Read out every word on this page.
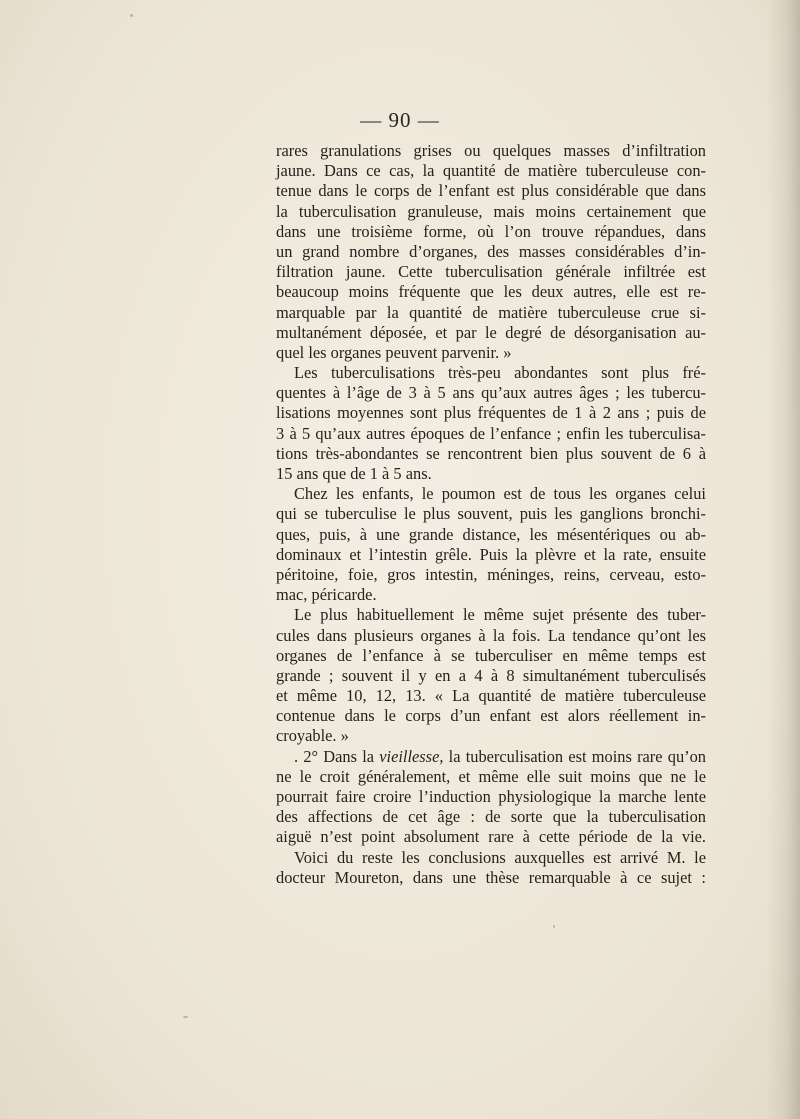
— 90 —
rares granulations grises ou quelques masses d’infiltration
jaune. Dans ce cas, la quantité de matière tuberculeuse con-
tenue dans le corps de l’enfant est plus considérable que dans
la tuberculisation granuleuse, mais moins certainement que
dans une troisième forme, où l’on trouve répandues, dans
un grand nombre d’organes, des masses considérables d’in-
filtration jaune. Cette tuberculisation générale infiltrée est
beaucoup moins fréquente que les deux autres, elle est re-
marquable par la quantité de matière tuberculeuse crue si-
multanément déposée, et par le degré de désorganisation au-
quel les organes peuvent parvenir. »
Les tuberculisations très-peu abondantes sont plus fré-
quentes à l’âge de 3 à 5 ans qu’aux autres âges ; les tubercu-
lisations moyennes sont plus fréquentes de 1 à 2 ans ; puis de
3 à 5 qu’aux autres époques de l’enfance ; enfin les tuberculisa-
tions très-abondantes se rencontrent bien plus souvent de 6 à
15 ans que de 1 à 5 ans.
Chez les enfants, le poumon est de tous les organes celui
qui se tuberculise le plus souvent, puis les ganglions bronchi-
ques, puis, à une grande distance, les mésentériques ou ab-
dominaux et l’intestin grêle. Puis la plèvre et la rate, ensuite
péritoine, foie, gros intestin, méninges, reins, cerveau, esto-
mac, péricarde.
Le plus habituellement le même sujet présente des tuber-
cules dans plusieurs organes à la fois. La tendance qu’ont les
organes de l’enfance à se tuberculiser en même temps est
grande ; souvent il y en a 4 à 8 simultanément tuberculisés
et même 10, 12, 13. « La quantité de matière tuberculeuse
contenue dans le corps d’un enfant est alors réellement in-
croyable. »
. 2° Dans la vieillesse, la tuberculisation est moins rare qu’on
ne le croit généralement, et même elle suit moins que ne le
pourrait faire croire l’induction physiologique la marche lente
des affections de cet âge : de sorte que la tuberculisation
aiguë n’est point absolument rare à cette période de la vie.
Voici du reste les conclusions auxquelles est arrivé M. le
docteur Moureton, dans une thèse remarquable à ce sujet :
